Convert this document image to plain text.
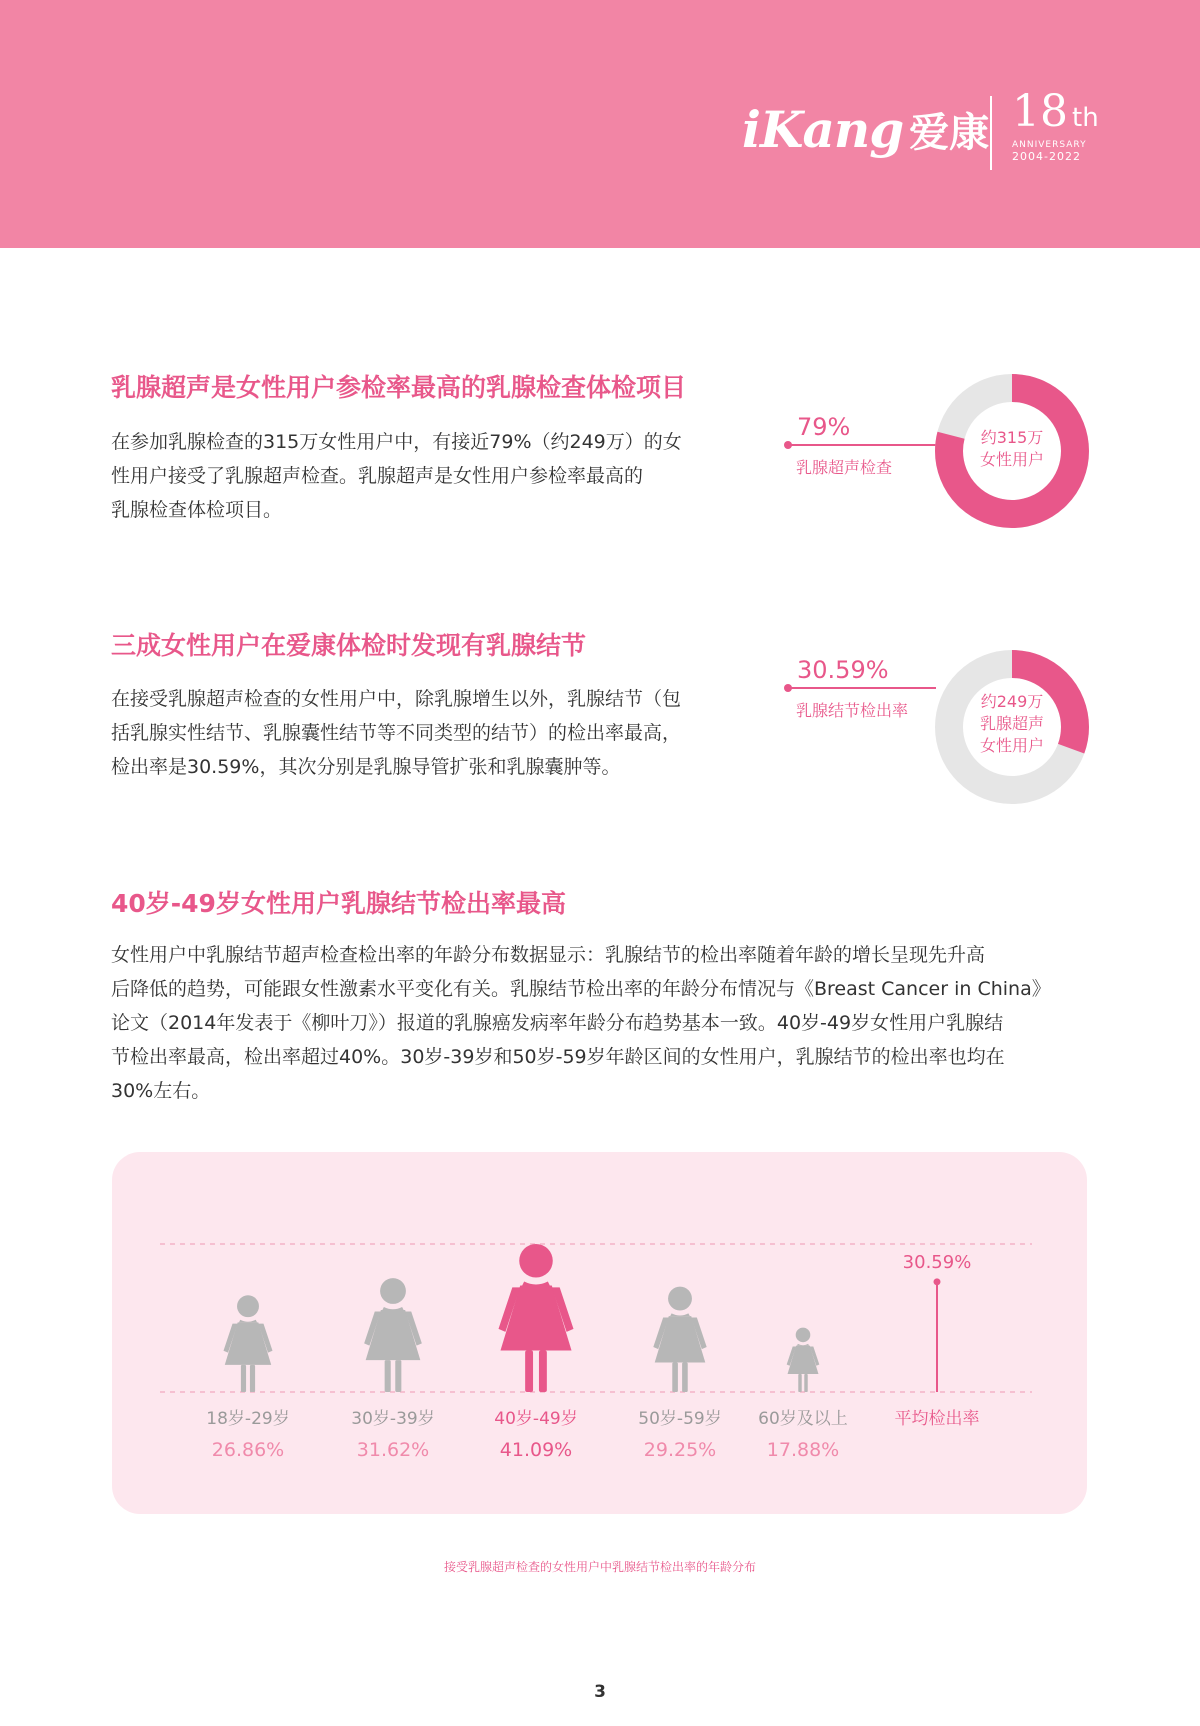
iKang 爱康 18 th
ANNIVERSARY
2004-2022
乳腺超声是女性用户参检率最高的乳腺检查体检项目
在参加乳腺检查的315万女性用户中，有接近79%（约249万）的女
性用户接受了乳腺超声检查。乳腺超声是女性用户参检率最高的
乳腺检查体检项目。
79%
乳腺超声检查
约315万
女性用户
三成女性用户在爱康体检时发现有乳腺结节
在接受乳腺超声检查的女性用户中，除乳腺增生以外，乳腺结节（包
括乳腺实性结节、乳腺囊性结节等不同类型的结节）的检出率最高，
检出率是30.59%，其次分别是乳腺导管扩张和乳腺囊肿等。
30.59%
乳腺结节检出率	约249万
乳腺超声
女性用户
40岁-49岁女性用户乳腺结节检出率最高
女性用户中乳腺结节超声检查检出率的年龄分布数据显示：乳腺结节的检出率随着年龄的增长呈现先升高
后降低的趋势，可能跟女性激素水平变化有关。乳腺结节检出率的年龄分布情况与《Breast Cancer in China》
论文（2014年发表于《柳叶刀》）报道的乳腺癌发病率年龄分布趋势基本一致。40岁-49岁女性用户乳腺结
节检出率最高，检出率超过40%。30岁-39岁和50岁-59岁年龄区间的女性用户，乳腺结节的检出率也均在
30%左右。
18岁-29岁
26.86%
30岁-39岁
31.62%
40岁-49岁
41.09%
50岁-59岁
29.25%
60岁及以上
17.88%
30.59%
平均检出率
接受乳腺超声检查的女性用户中乳腺结节检出率的年龄分布
3
